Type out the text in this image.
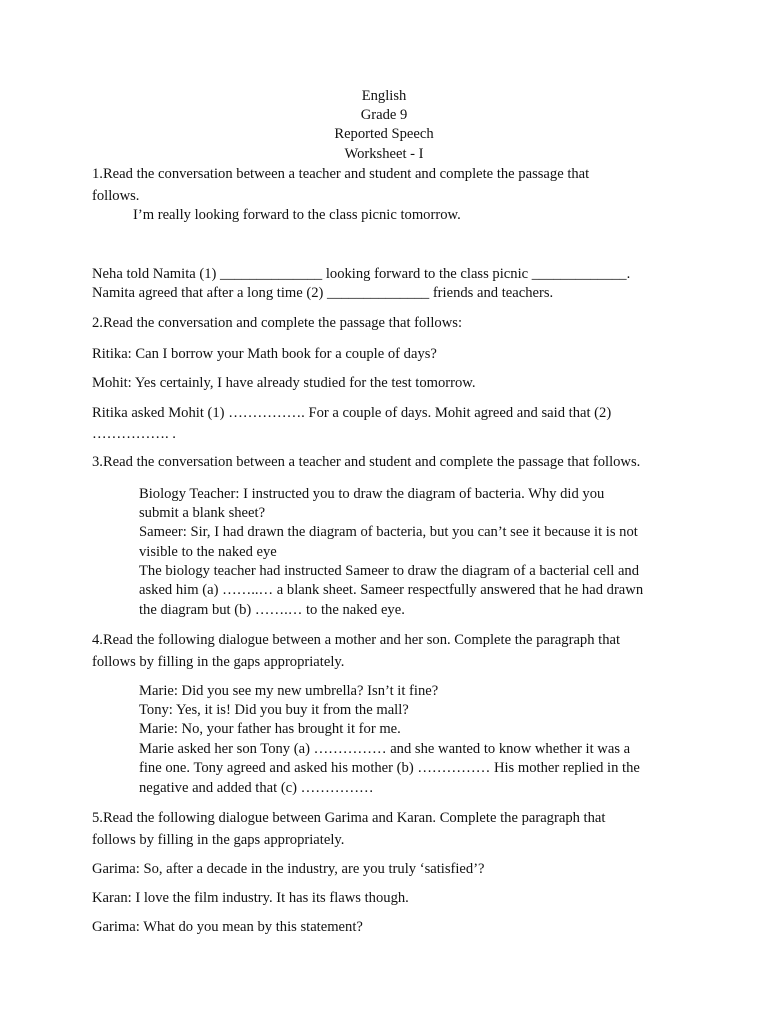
English
Grade 9
Reported Speech
Worksheet - I
1.Read the conversation between a teacher and student and complete the passage that
follows.
I’m really looking forward to the class picnic tomorrow.
Neha told Namita (1) ______________ looking forward to the class picnic _____________.
Namita agreed that after a long time (2) ______________ friends and teachers.
2.Read the conversation and complete the passage that follows:
Ritika: Can I borrow your Math book for a couple of days?
Mohit: Yes certainly, I have already studied for the test tomorrow.
Ritika asked Mohit (1) ……………. For a couple of days. Mohit agreed and said that (2)
……………. .
3.Read the conversation between a teacher and student and complete the passage that follows.
Biology Teacher: I instructed you to draw the diagram of bacteria. Why did you
submit a blank sheet?
Sameer: Sir, I had drawn the diagram of bacteria, but you can’t see it because it is not
visible to the naked eye
The biology teacher had instructed Sameer to draw the diagram of a bacterial cell and
asked him (a) ……..… a blank sheet. Sameer respectfully answered that he had drawn
the diagram but (b) …….… to the naked eye.
4.Read the following dialogue between a mother and her son. Complete the paragraph that
follows by filling in the gaps appropriately.
Marie: Did you see my new umbrella? Isn’t it fine?
Tony: Yes, it is! Did you buy it from the mall?
Marie: No, your father has brought it for me.
Marie asked her son Tony (a) …………… and she wanted to know whether it was a
fine one. Tony agreed and asked his mother (b) …………… His mother replied in the
negative and added that (c) ……………
5.Read the following dialogue between Garima and Karan. Complete the paragraph that
follows by filling in the gaps appropriately.
Garima: So, after a decade in the industry, are you truly ‘satisfied’?
Karan: I love the film industry. It has its flaws though.
Garima: What do you mean by this statement?
